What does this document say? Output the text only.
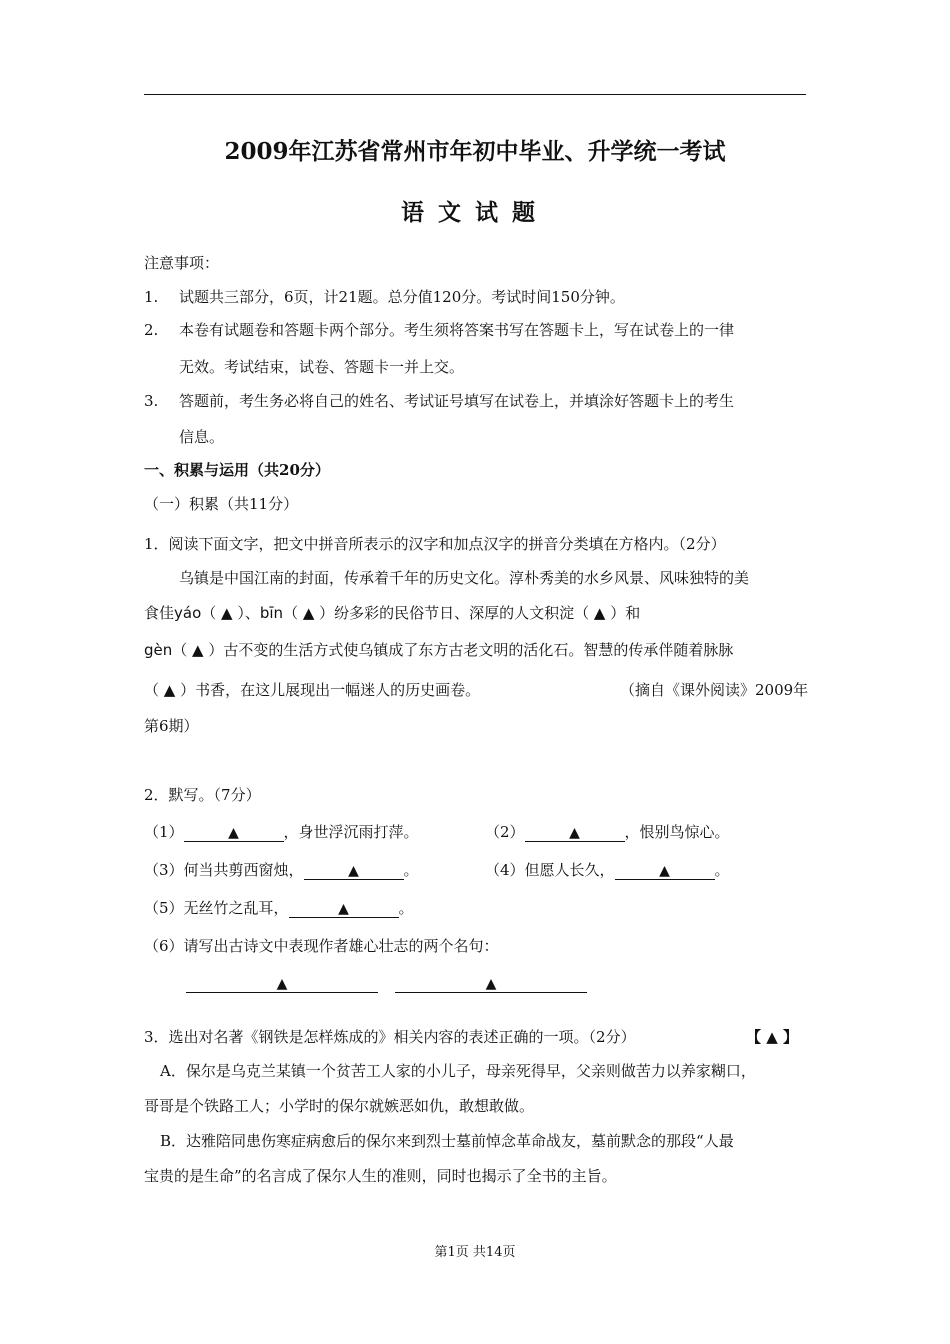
2009年江苏省常州市年初中毕业、升学统一考试
语文试题
注意事项：
1. 试题共三部分，6页，计21题。总分值120分。考试时间150分钟。
2. 本卷有试题卷和答题卡两个部分。考生须将答案书写在答题卡上，写在试卷上的一律
无效。考试结束，试卷、答题卡一并上交。
3. 答题前，考生务必将自己的姓名、考试证号填写在试卷上，并填涂好答题卡上的考生
信息。
一、积累与运用（共20分）
（一）积累（共11分）
1．阅读下面文字，把文中拼音所表示的汉字和加点汉字的拼音分类填在方格内。（2分）
乌镇是中国江南的封面，传承着千年的历史文化。淳朴秀美的水乡风景、风味独特的美
食佳yáo（ ▲ ）、bīn（ ▲ ）纷多彩的民俗节日、深厚的人文积淀（ ▲ ）和
gèn（ ▲ ）古不变的生活方式使乌镇成了东方古老文明的活化石。智慧的传承伴随着脉脉
（ ▲ ）书香，在这儿展现出一幅迷人的历史画卷。	（摘自《课外阅读》2009年
第6期）
2．默写。（7分）
（1）	▲	，身世浮沉雨打萍。	（2）	▲	，恨别鸟惊心。
（3）何当共剪西窗烛，	▲	。	（4）但愿人长久，	▲	。
（5）无丝竹之乱耳，	▲	。
（6）请写出古诗文中表现作者雄心壮志的两个名句：
▲	▲
3．选出对名著《钢铁是怎样炼成的》相关内容的表述正确的一项。（2分）	【 ▲ 】
A．保尔是乌克兰某镇一个贫苦工人家的小儿子，母亲死得早，父亲则做苦力以养家糊口，
哥哥是个铁路工人；小学时的保尔就嫉恶如仇，敢想敢做。
B．达雅陪同患伤寒症病愈后的保尔来到烈士墓前悼念革命战友，墓前默念的那段“人最
宝贵的是生命”的名言成了保尔人生的准则，同时也揭示了全书的主旨。
第1页 共14页
